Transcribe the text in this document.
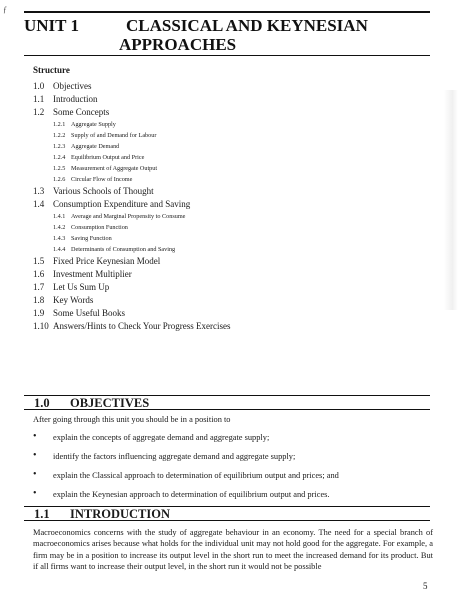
ƒ
UNIT 1	CLASSICAL AND KEYNESIAN
APPROACHES
Structure
1.0 Objectives
1.1 Introduction
1.2 Some Concepts
1.2.1 Aggregate Supply
1.2.2 Supply of and Demand for Labour
1.2.3 Aggregate Demand
1.2.4 Equilibrium Output and Price
1.2.5 Measurement of Aggregate Output
1.2.6 Circular Flow of Income
1.3 Various Schools of Thought
1.4 Consumption Expenditure and Saving
1.4.1 Average and Marginal Propensity to Consume
1.4.2 Consumption Function
1.4.3 Saving Function
1.4.4 Determinants of Consumption and Saving
1.5 Fixed Price Keynesian Model
1.6 Investment Multiplier
1.7 Let Us Sum Up
1.8 Key Words
1.9 Some Useful Books
1.10 Answers/Hints to Check Your Progress Exercises
1.0 OBJECTIVES
After going through this unit you should be in a position to
•	explain the concepts of aggregate demand and aggregate supply;
•	identify the factors influencing aggregate demand and aggregate supply;
•	explain the Classical approach to determination of equilibrium output and prices; and
•	explain the Keynesian approach to determination of equilibrium output and prices.
1.1 INTRODUCTION
Macroeconomics concerns with the study of aggregate behaviour in an economy. The need for a special branch of macroeconomics arises because what holds for the individual unit may not hold good for the aggregate. For example, a firm may be in a position to increase its output level in the short run to meet the increased demand for its product. But if all firms want to increase their output level, in the short run it would not be possible
5
